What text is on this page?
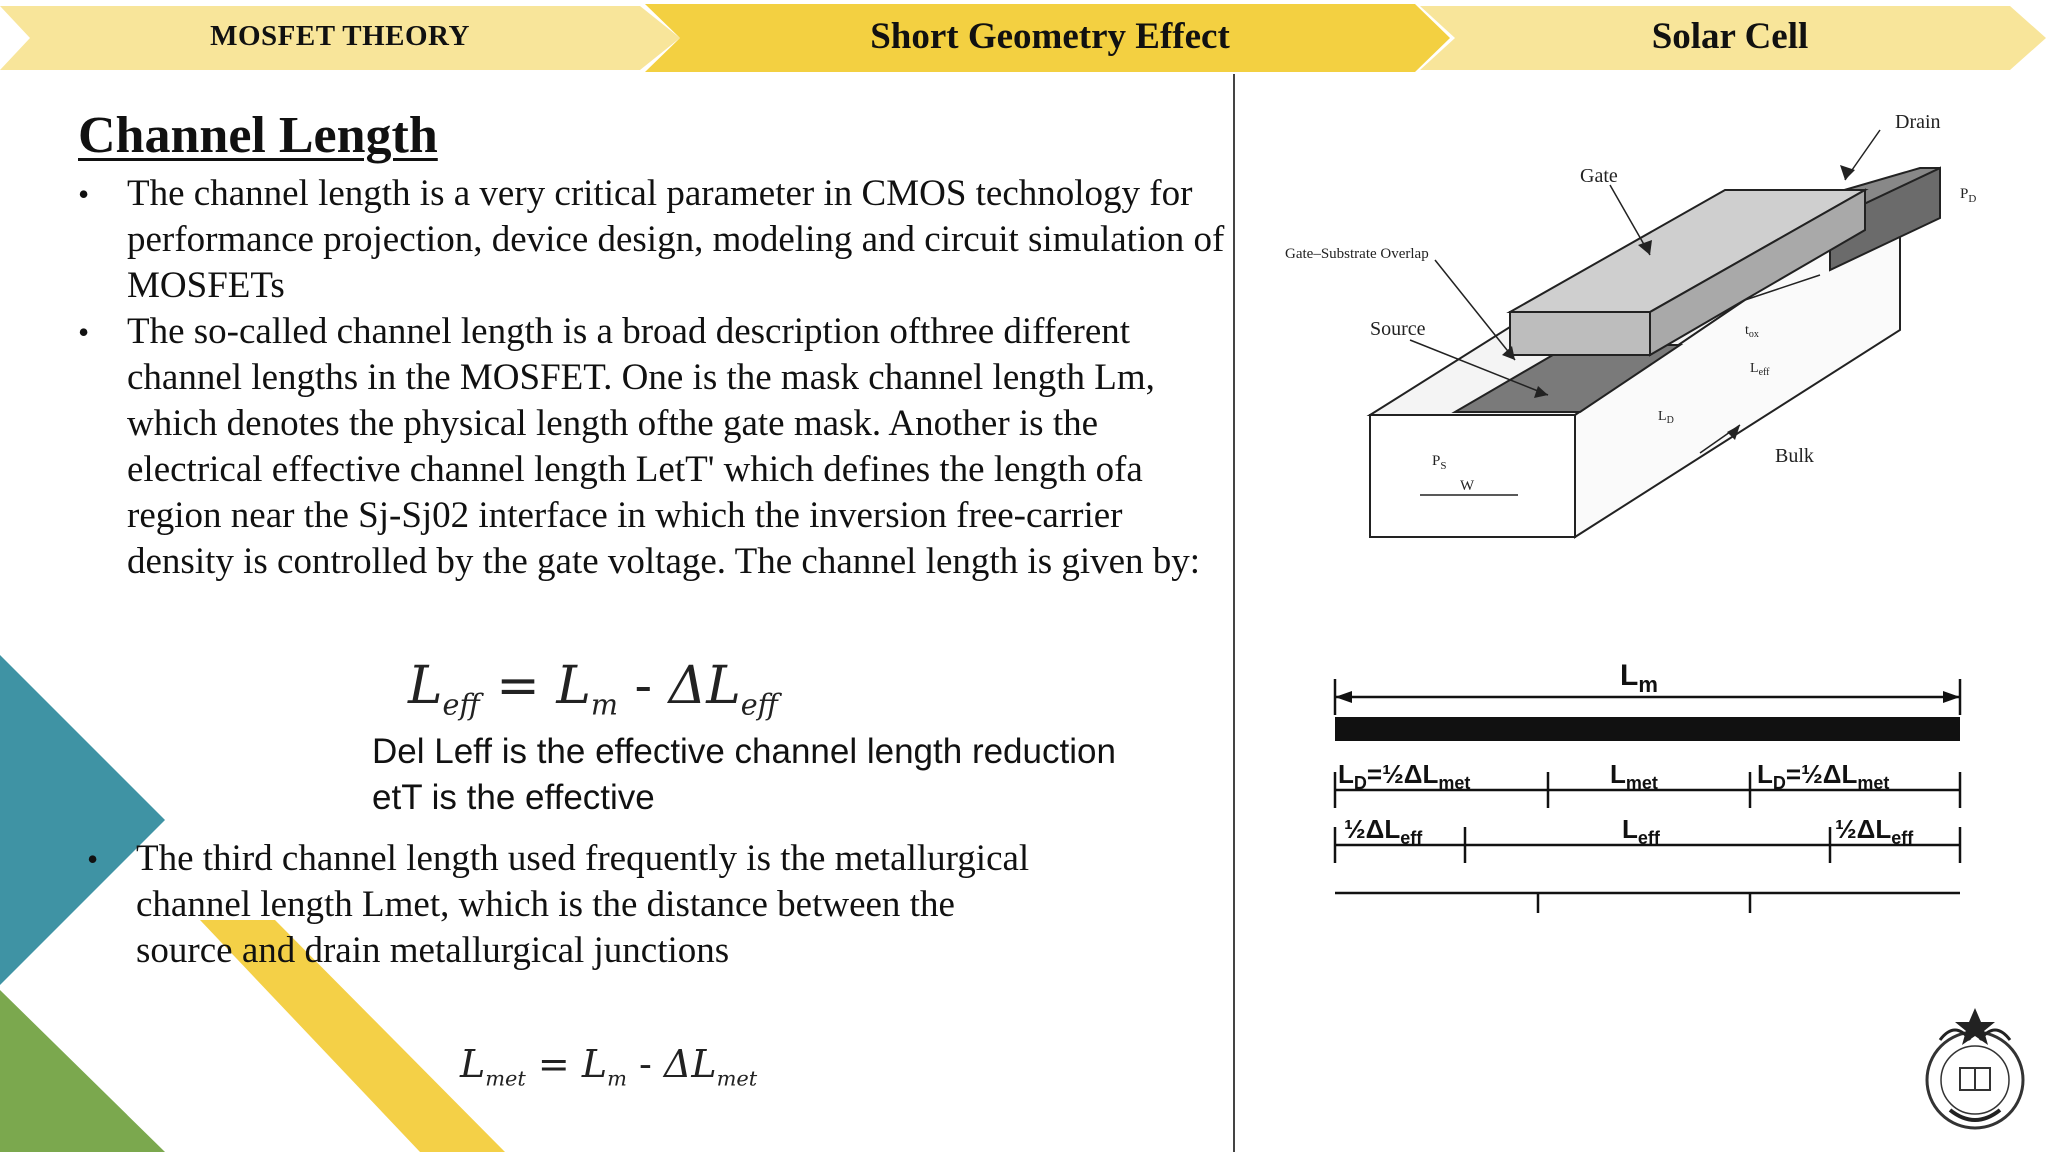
MOSFET THEORY	Short Geometry Effect	Solar Cell
Channel Length
• The channel length is a very critical parameter in CMOS technology for performance projection, device design, modeling and circuit simulation of MOSFETs
• The so-called channel length is a broad description ofthree different channel lengths in the MOSFET. One is the mask channel length Lm, which denotes the physical length ofthe gate mask. Another is the electrical effective channel length LetT' which defines the length ofa region near the Sj-Sj02 interface in which the inversion free-carrier density is controlled by the gate voltage. The channel length is given by:
$L_{eff} = L_m - \Delta L_{eff}$
Del Leff is the effective channel length reduction
etT is the effective
• The third channel length used frequently is the metallurgical channel length Lmet, which is the distance between the source and drain metallurgical junctions
$L_{met} = L_m - \Delta L_{met}$
Drain
Gate
$P_D$
Gate–Substrate Overlap
Source	$t_{ox}$
$L_{eff}$
$L_D$
$P_S$
W
Bulk
$L_m$
$L_D=\frac{1}{2}\Delta L_{met}$	$L_{met}$	$L_D=\frac{1}{2}\Delta L_{met}$
$\frac{1}{2}\Delta L_{eff}$	$L_{eff}$	$\frac{1}{2}\Delta L_{eff}$
